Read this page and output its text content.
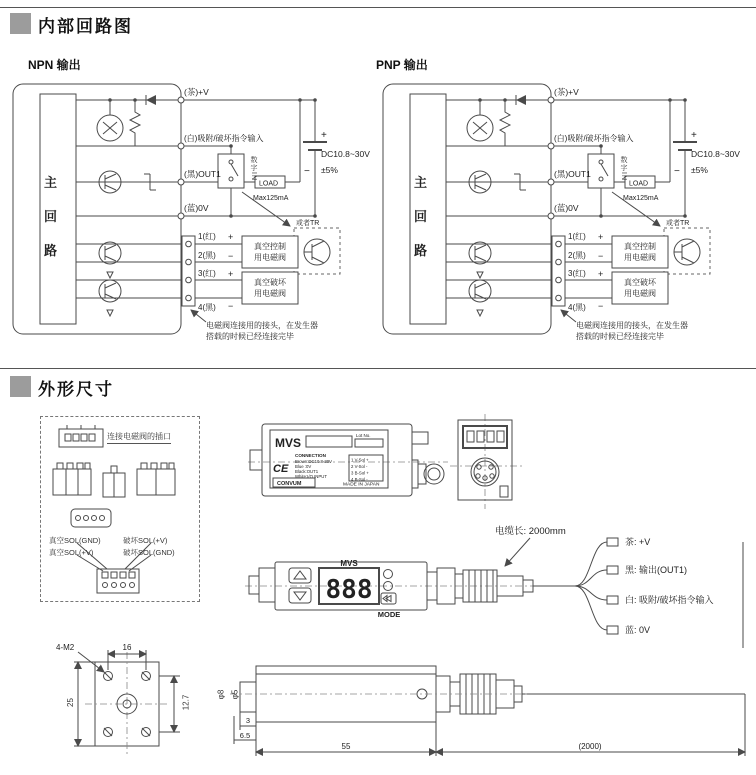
内部回路图
NPN 输出	PNP 输出
(茶)+V
(白)吸附/破坏指令输入
(黑)OUT1
(蓝)0V
LOAD
Max125mA
+
DC10.8~30V
− ±5%
或者TR
1(红)
2(黑)
3(红)
4(黑)
+
−
+
−
真空控制
用电磁阀
真空破坏
用电磁阀
电磁阀连接用的接头，在发生器
搭载的时候已经连接完毕
主回路
数字IN
(茶)+V
(白)吸附/破坏指令输入
(黑)OUT1
(蓝)0V
LOAD
Max125mA
+
DC10.8~30V
− ±5%
或者TR
1(红)
2(黑)
3(红)
4(黑)
+
−
+
−
真空控制
用电磁阀
真空破坏
用电磁阀
电磁阀连接用的接头，在发生器
搭载的时候已经连接完毕
主回路
数字IN
外形尺寸
连接电磁阀的插口
真空SOL(GND)	破坏SOL(+V)
真空SOL(+V)	破坏SOL(GND)
MVS
Lot No.
CE
CONNECTION
Brown:DC10.8-30V
Blue :0V
Black:OUT1
White:I/O INPUT
1 V-Sol +
2 V-Sol -
3 B-Sol +
4 B-Sol -
CONVUM	MADE IN JAPAN
888
MVS
MODE
电缆长: 2000mm
茶: +V
黑: 输出(OUT1)
白: 吸附/破坏指令输入
蓝: 0V
16
4-M2
3
6.5
55	(2000)
25	12.7
φ8 φ5
